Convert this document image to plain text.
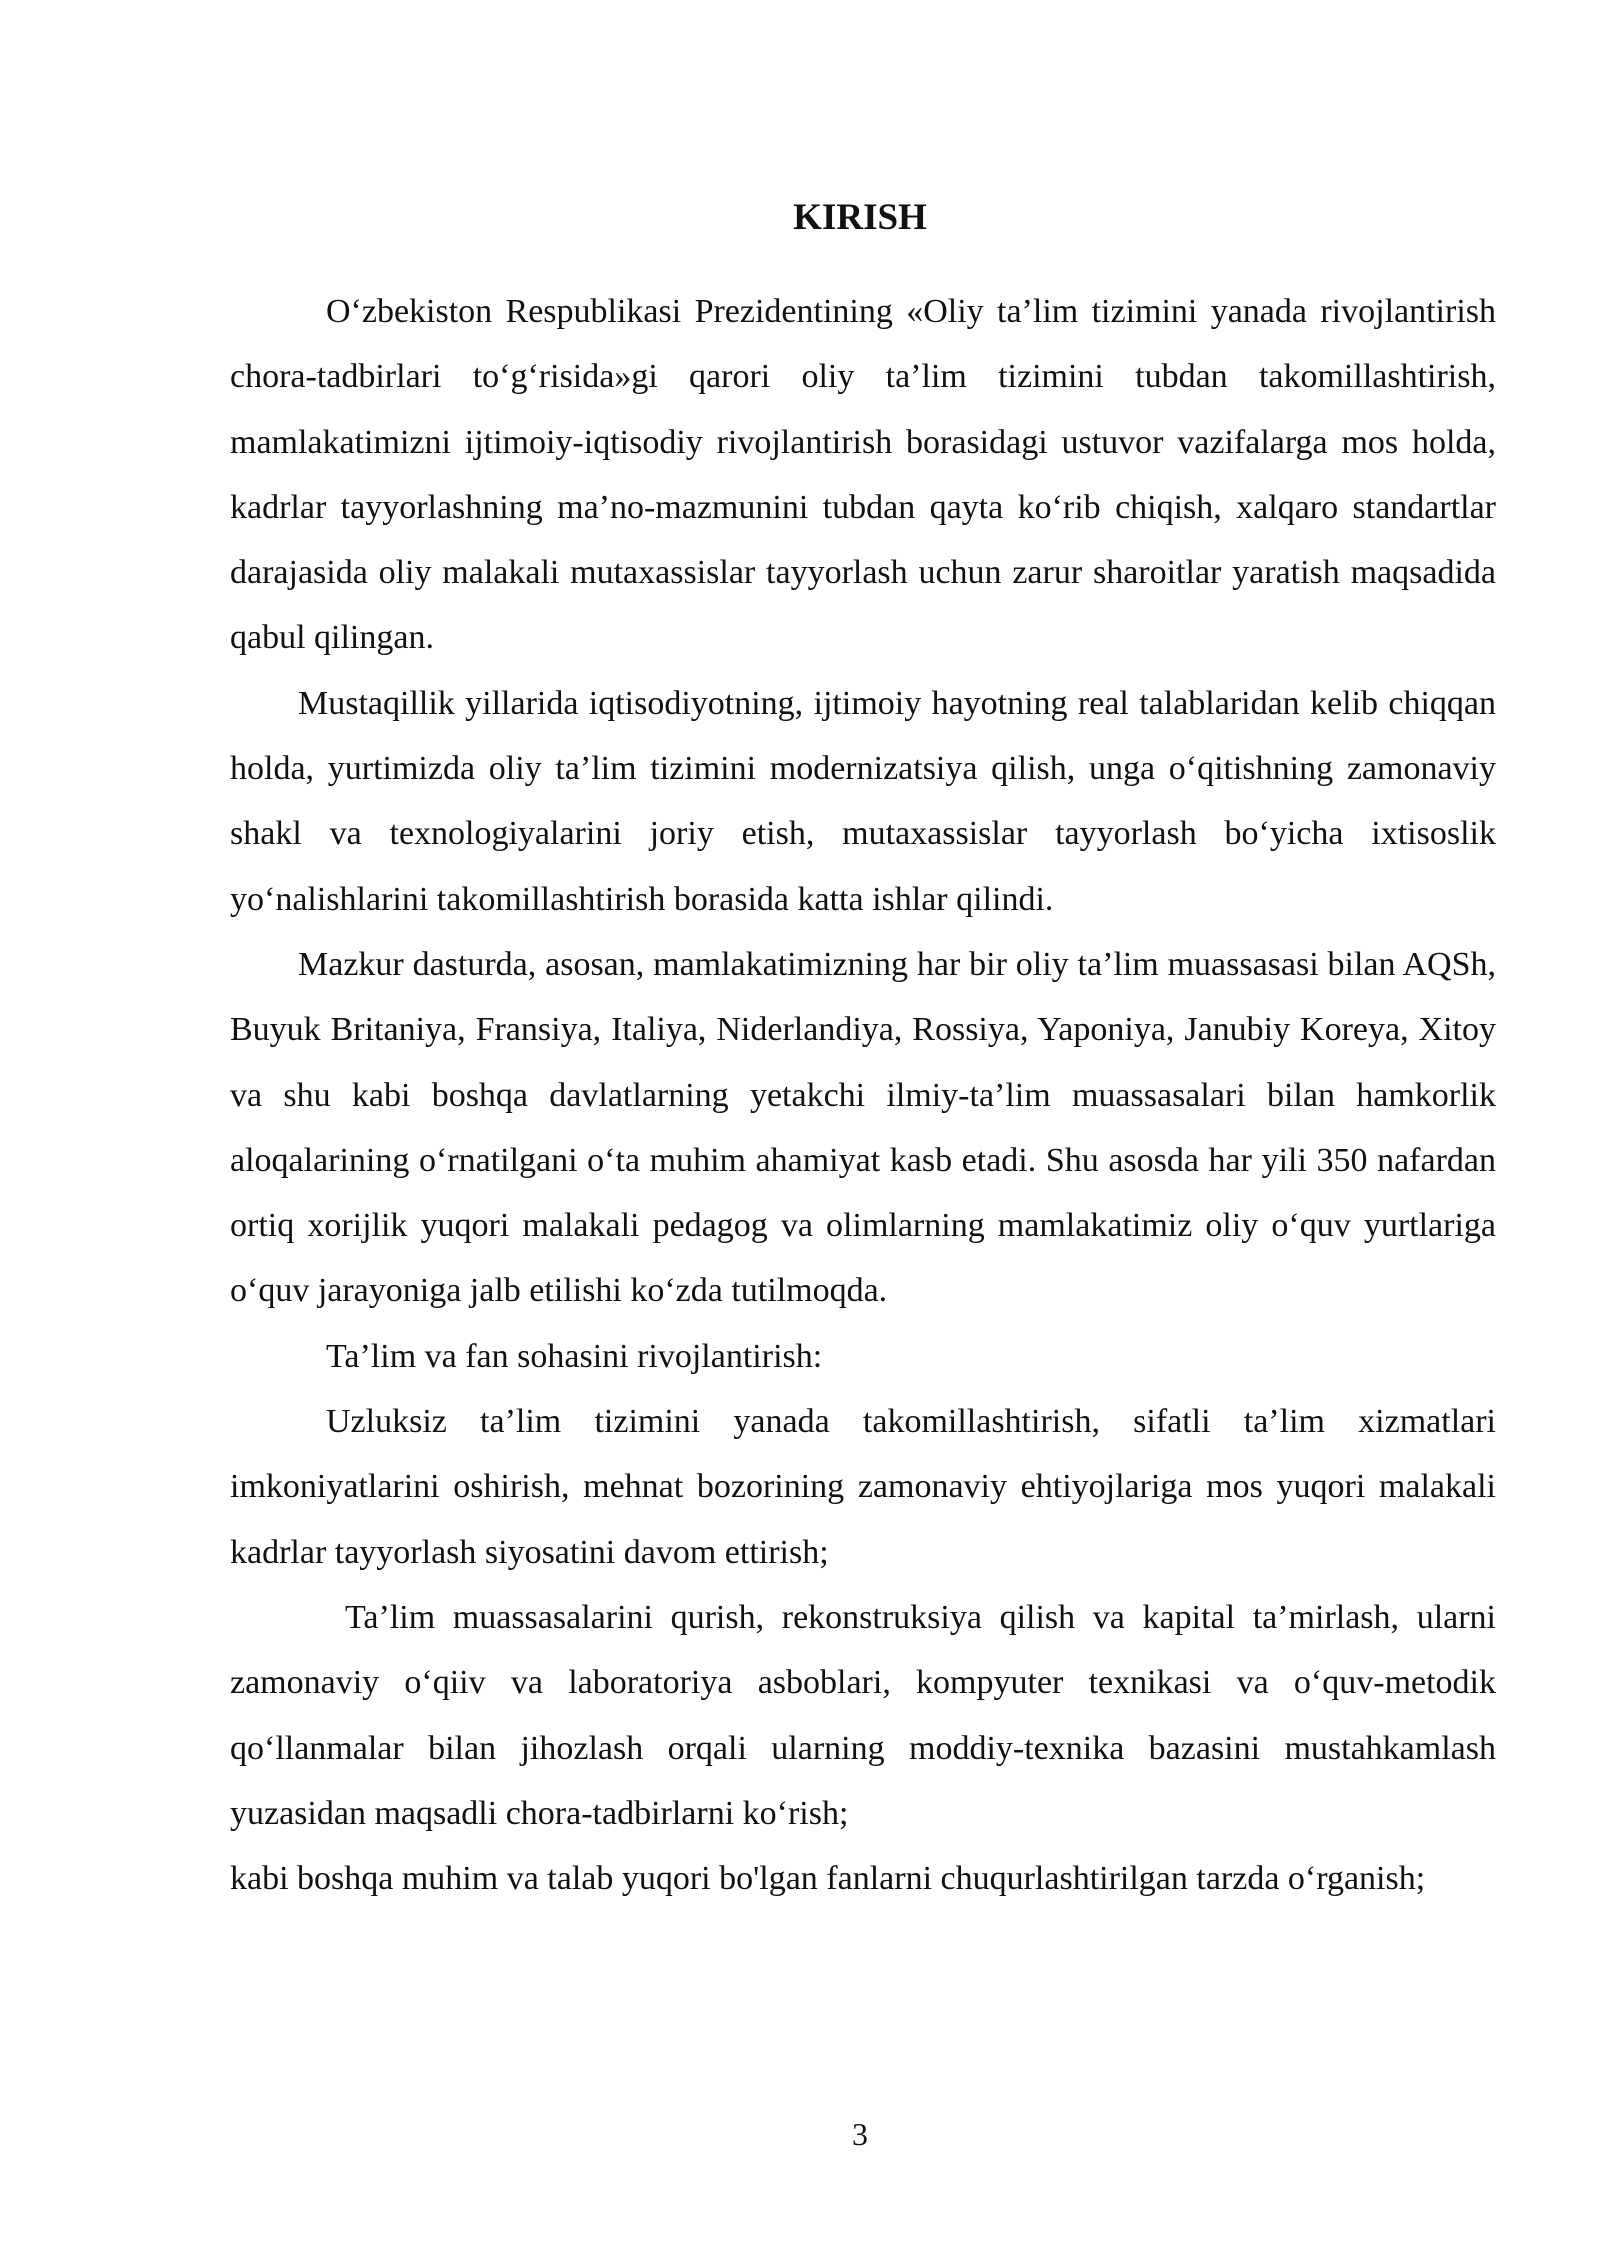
KIRISH

O‘zbekiston Respublikasi Prezidentining «Oliy ta’lim tizimini yanada rivojlantirish chora-tadbirlari to‘g‘risida»gi qarori oliy ta’lim tizimini tubdan takomillashtirish, mamlakatimizni ijtimoiy-iqtisodiy rivojlantirish borasidagi ustuvor vazifalarga mos holda, kadrlar tayyorlashning ma’no-mazmunini tubdan qayta ko‘rib chiqish, xalqaro standartlar darajasida oliy malakali mutaxassislar tayyorlash uchun zarur sharoitlar yaratish maqsadida qabul qilingan.

Mustaqillik yillarida iqtisodiyotning, ijtimoiy hayotning real talablaridan kelib chiqqan holda, yurtimizda oliy ta’lim tizimini modernizatsiya qilish, unga o‘qitishning zamonaviy shakl va texnologiyalarini joriy etish, mutaxassislar tayyorlash bo‘yicha ixtisoslik yo‘nalishlarini takomillashtirish borasida katta ishlar qilindi.

Mazkur dasturda, asosan, mamlakatimizning har bir oliy ta’lim muassasasi bilan AQSh, Buyuk Britaniya, Fransiya, Italiya, Niderlandiya, Rossiya, Yaponiya, Janubiy Koreya, Xitoy va shu kabi boshqa davlatlarning yetakchi ilmiy-ta’lim muassasalari bilan hamkorlik aloqalarining o‘rnatilgani o‘ta muhim ahamiyat kasb etadi. Shu asosda har yili 350 nafardan ortiq xorijlik yuqori malakali pedagog va olimlarning mamlakatimiz oliy o‘quv yurtlariga o‘quv jarayoniga jalb etilishi ko‘zda tutilmoqda.

Ta’lim va fan sohasini rivojlantirish:

Uzluksiz ta’lim tizimini yanada takomillashtirish, sifatli ta’lim xizmatlari imkoniyatlarini oshirish, mehnat bozorining zamonaviy ehtiyojlariga mos yuqori malakali kadrlar tayyorlash siyosatini davom ettirish;

Ta’lim muassasalarini qurish, rekonstruksiya qilish va kapital ta’mirlash, ularni zamonaviy o‘qiiv va laboratoriya asboblari, kompyuter texnikasi va o‘quv-metodik qo‘llanmalar bilan jihozlash orqali ularning moddiy-texnika bazasini mustahkamlash yuzasidan maqsadli chora-tadbirlarni ko‘rish;

kabi boshqa muhim va talab yuqori bo'lgan fanlarni chuqurlashtirilgan tarzda o‘rganish;

3
